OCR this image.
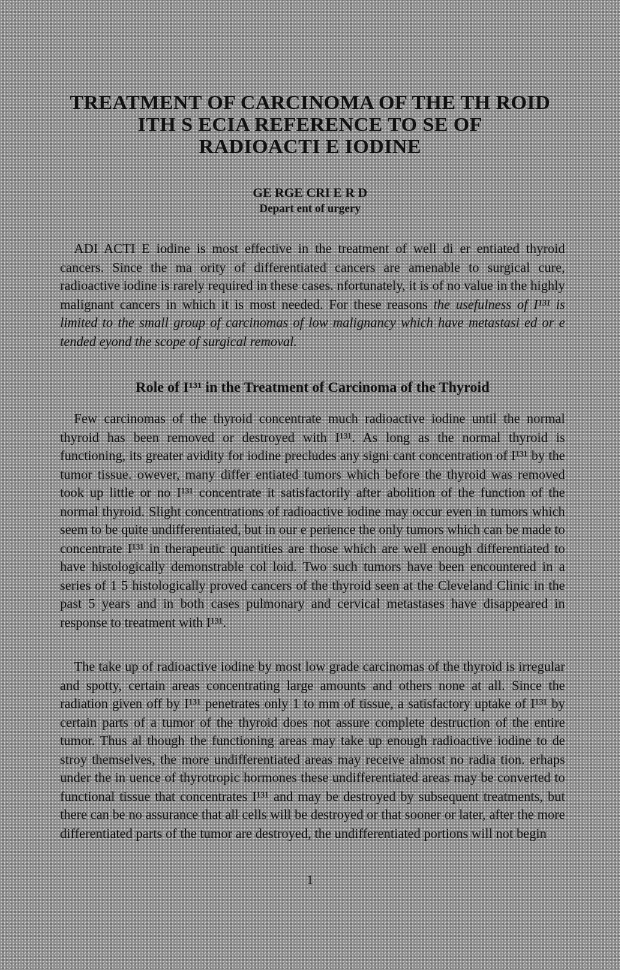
TREATMENT OF CARCINOMA OF THE TH ROID
ITH S ECIA REFERENCE TO SE OF
RADIOACTI E IODINE
GE RGE CRI E R D
Depart ent of urgery

ADI ACTI E iodine is most effective in the treatment of well di er entiated thyroid cancers. Since the ma ority of differentiated cancers are amenable to surgical cure, radioactive iodine is rarely required in these cases. nfortunately, it is of no value in the highly malignant cancers in which it is most needed. For these reasons the usefulness of I¹³¹ is limited to the small group of carcinomas of low malignancy which have metastasi ed or e tended eyond the scope of surgical removal.

Role of I¹³¹ in the Treatment of Carcinoma of the Thyroid

Few carcinomas of the thyroid concentrate much radioactive iodine until the normal thyroid has been removed or destroyed with I¹³¹. As long as the normal thyroid is functioning, its greater avidity for iodine precludes any signi cant concentration of I¹³¹ by the tumor tissue. owever, many differ entiated tumors which before the thyroid was removed took up little or no I¹³¹ concentrate it satisfactorily after abolition of the function of the normal thyroid. Slight concentrations of radioactive iodine may occur even in tumors which seem to be quite undifferentiated, but in our e perience the only tumors which can be made to concentrate I¹³¹ in therapeutic quantities are those which are well enough differentiated to have histologically demonstrable col loid. Two such tumors have been encountered in a series of 1 5 histologically proved cancers of the thyroid seen at the Cleveland Clinic in the past 5 years and in both cases pulmonary and cervical metastases have disappeared in response to treatment with I¹³¹.

The take up of radioactive iodine by most low grade carcinomas of the thyroid is irregular and spotty, certain areas concentrating large amounts and others none at all. Since the radiation given off by I¹³¹ penetrates only 1 to mm of tissue, a satisfactory uptake of I¹³¹ by certain parts of a tumor of the thyroid does not assure complete destruction of the entire tumor. Thus al though the functioning areas may take up enough radioactive iodine to de stroy themselves, the more undifferentiated areas may receive almost no radia tion. erhaps under the in uence of thyrotropic hormones these undifferentiated areas may be converted to functional tissue that concentrates I¹³¹ and may be destroyed by subsequent treatments, but there can be no assurance that all cells will be destroyed or that sooner or later, after the more differentiated parts of the tumor are destroyed, the undifferentiated portions will not begin

1
